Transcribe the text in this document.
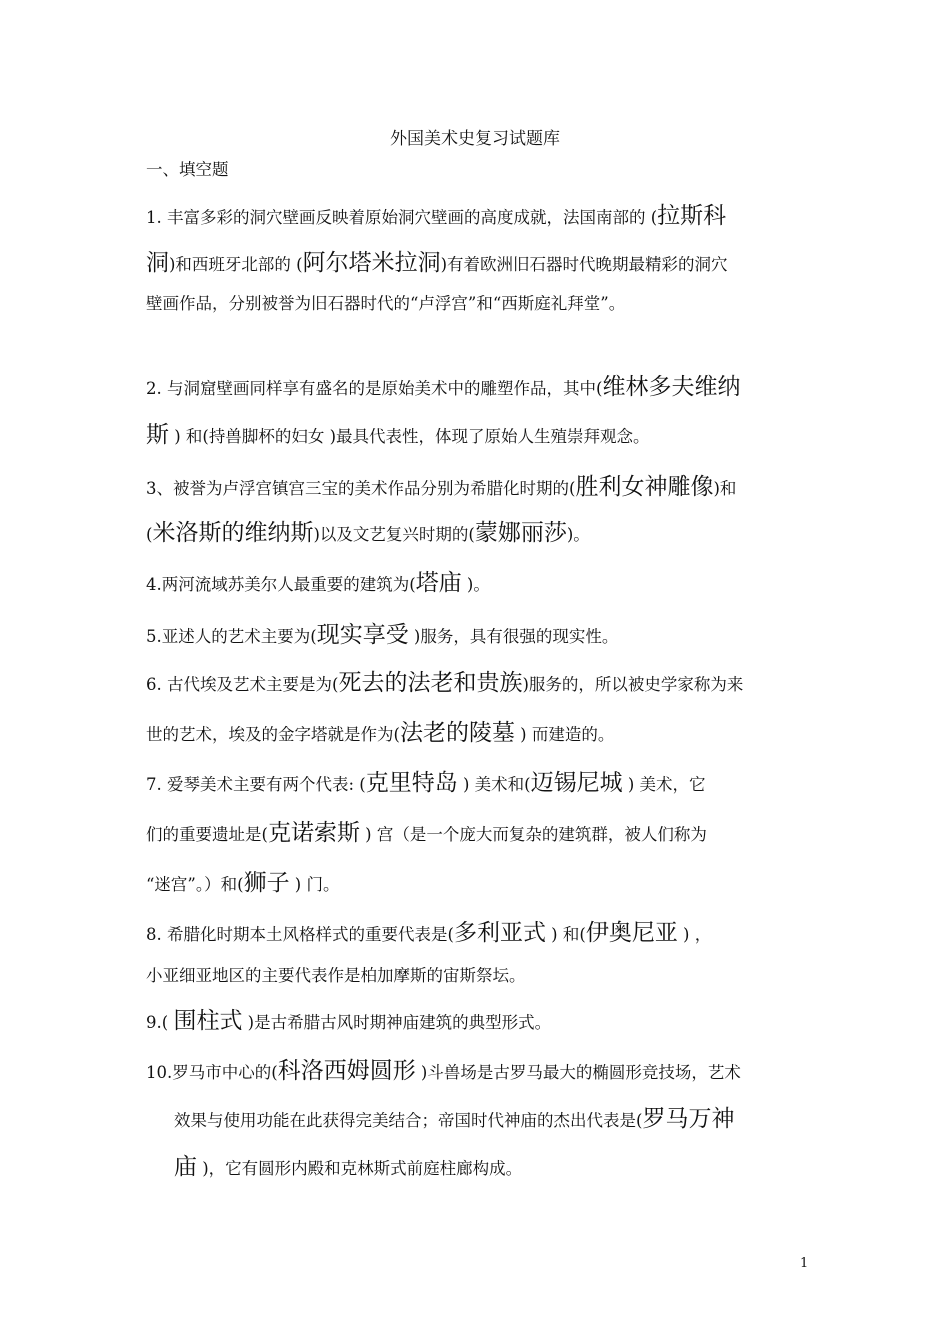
外国美术史复习试题库
一、填空题
1. 丰富多彩的洞穴壁画反映着原始洞穴壁画的高度成就，法国南部的 (拉斯科
洞)和西班牙北部的 (阿尔塔米拉洞)有着欧洲旧石器时代晚期最精彩的洞穴
壁画作品，分别被誉为旧石器时代的“卢浮宫”和“西斯庭礼拜堂”。
2. 与洞窟壁画同样享有盛名的是原始美术中的雕塑作品，其中(维林多夫维纳
斯 ) 和(持兽脚杯的妇女 )最具代表性，体现了原始人生殖崇拜观念。
3、被誉为卢浮宫镇宫三宝的美术作品分别为希腊化时期的(胜利女神雕像)和
(米洛斯的维纳斯)以及文艺复兴时期的(蒙娜丽莎)。
4.两河流域苏美尔人最重要的建筑为(塔庙 )。
5.亚述人的艺术主要为(现实享受 )服务，具有很强的现实性。
6. 古代埃及艺术主要是为(死去的法老和贵族)服务的，所以被史学家称为来
世的艺术，埃及的金字塔就是作为(法老的陵墓 ) 而建造的。
7. 爱琴美术主要有两个代表: (克里特岛 ) 美术和(迈锡尼城 ) 美术，它
们的重要遗址是(克诺索斯 ) 宫（是一个庞大而复杂的建筑群，被人们称为
“迷宫”。）和(狮子 ) 门。
8. 希腊化时期本土风格样式的重要代表是(多利亚式 ) 和(伊奥尼亚 ) ，
小亚细亚地区的主要代表作是柏加摩斯的宙斯祭坛。
9.( 围柱式 )是古希腊古风时期神庙建筑的典型形式。
10.罗马市中心的(科洛西姆圆形 )斗兽场是古罗马最大的椭圆形竞技场，艺术
效果与使用功能在此获得完美结合；帝国时代神庙的杰出代表是(罗马万神
庙 )，它有圆形内殿和克林斯式前庭柱廊构成。
1
